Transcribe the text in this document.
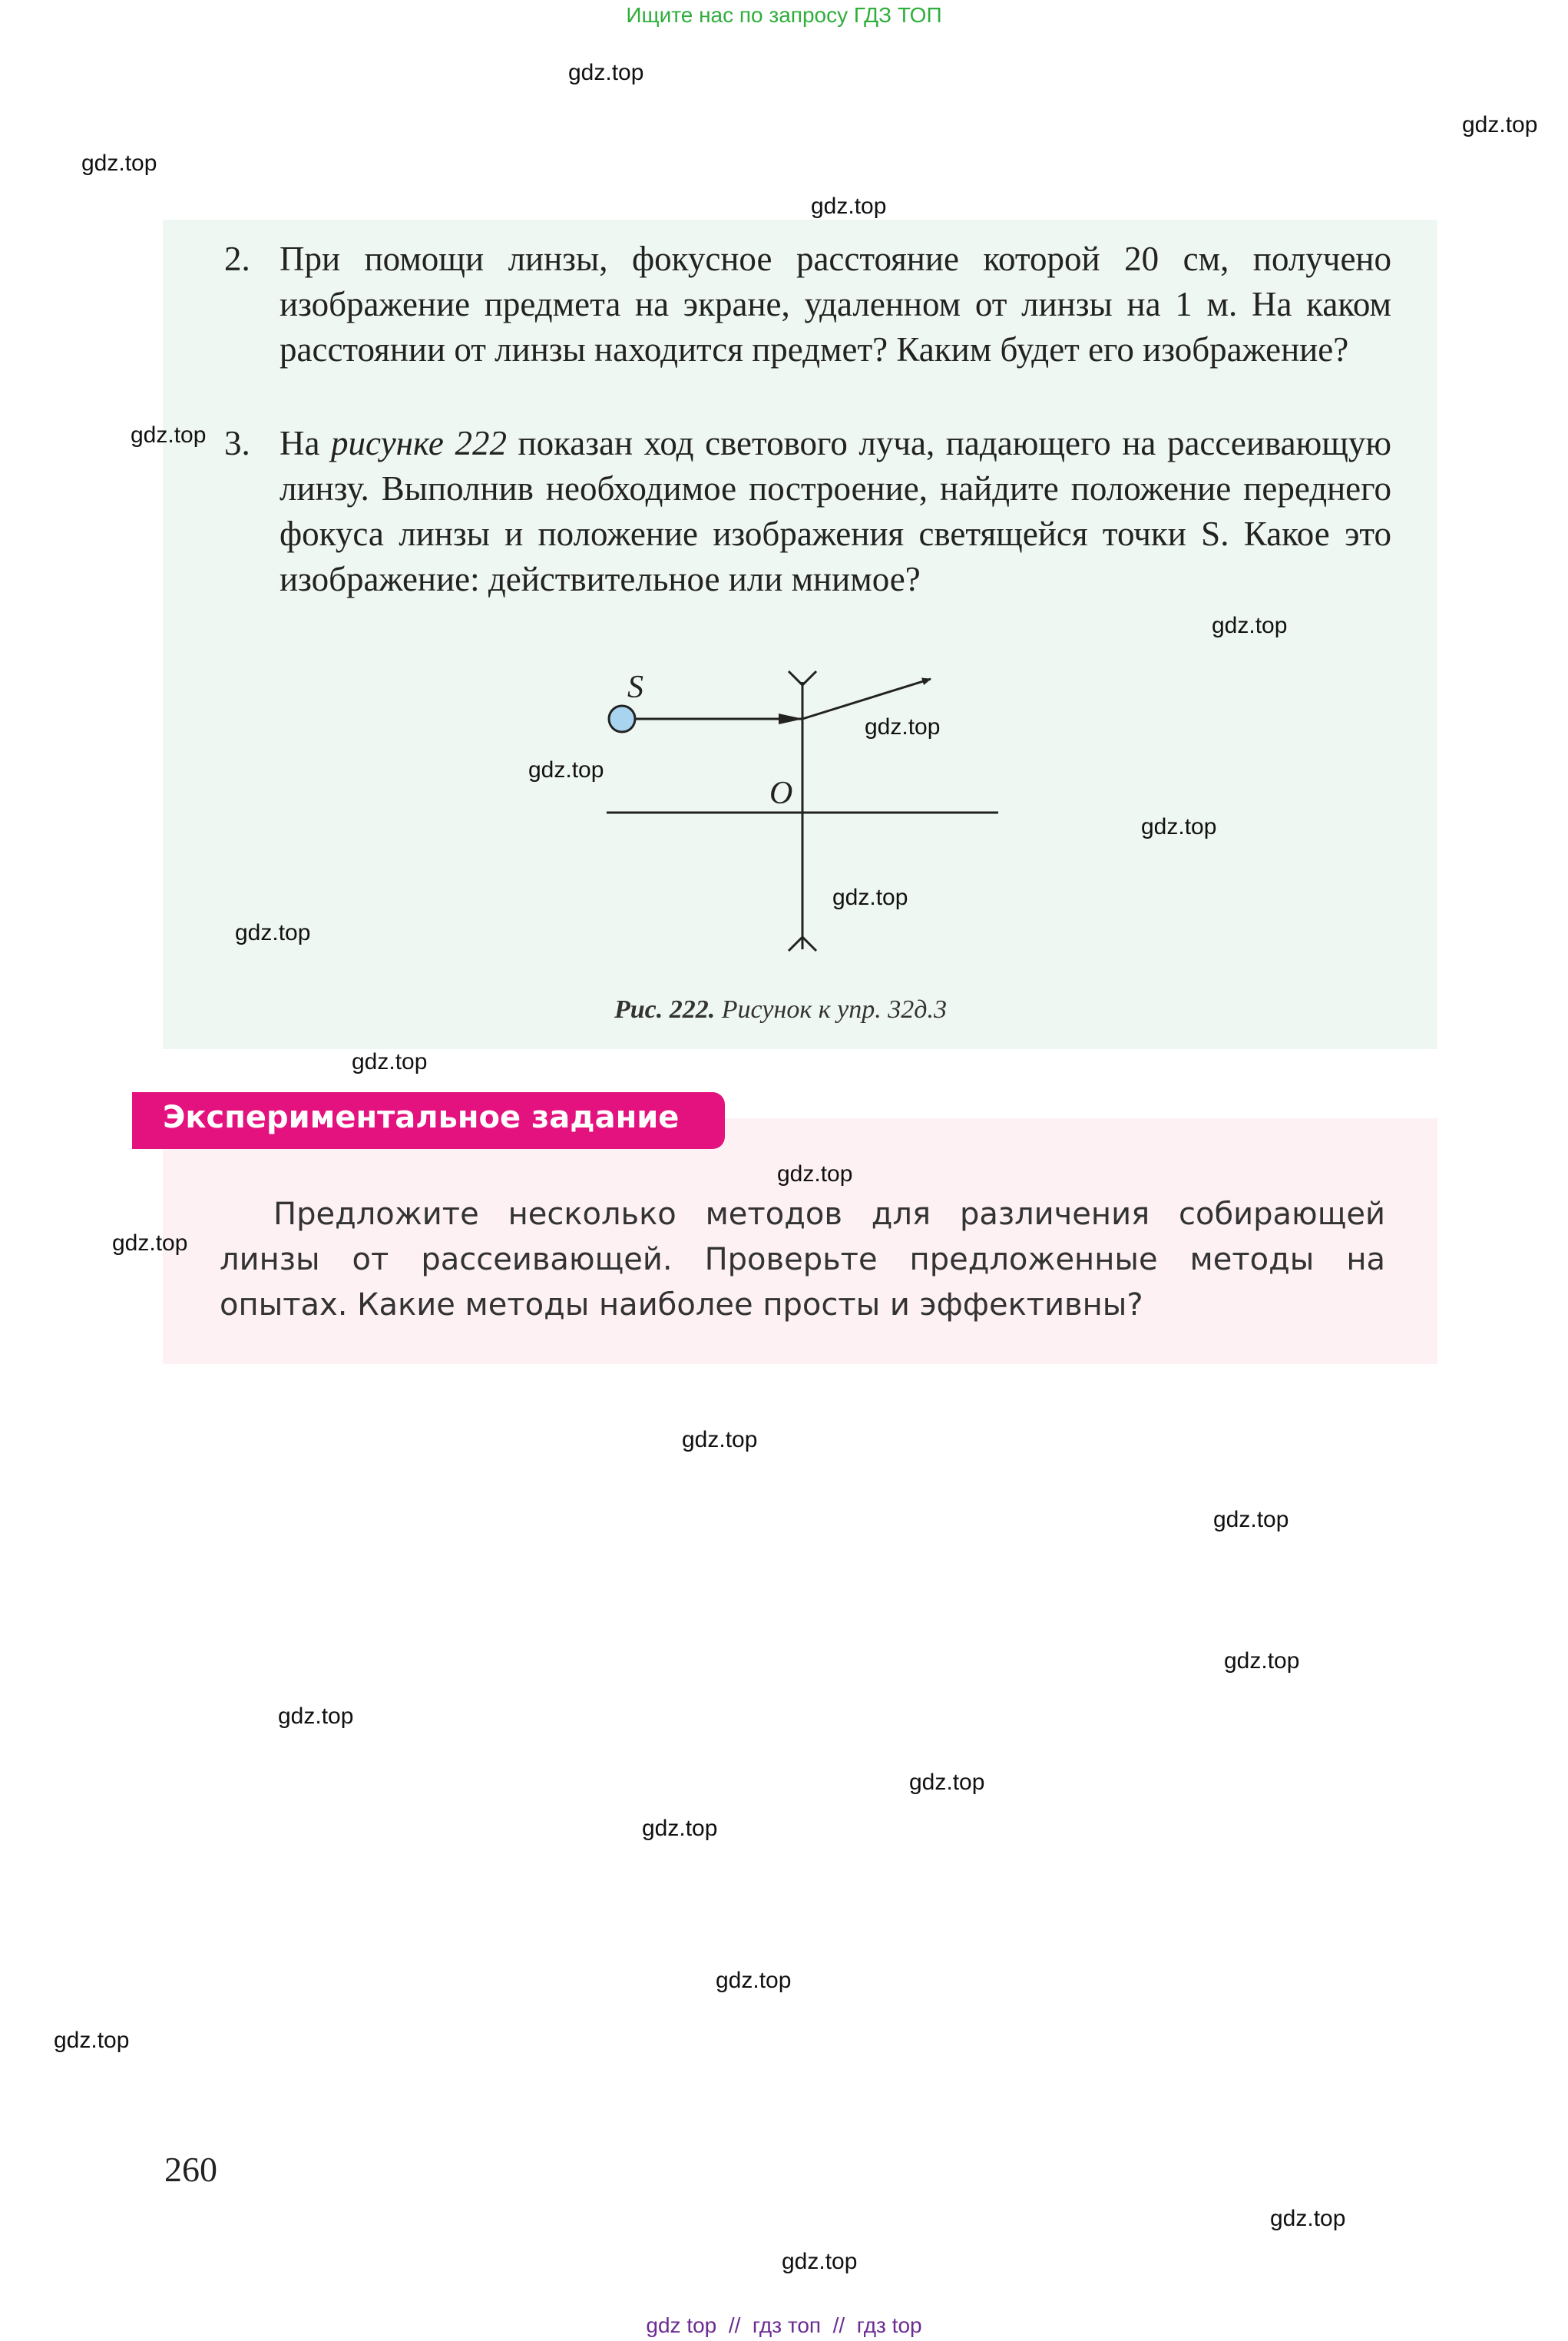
Ищите нас по запросу ГДЗ ТОП
2. При помощи линзы, фокусное расстояние которой 20 см, получено изображение предмета на экране, удаленном от линзы на 1 м. На каком расстоянии от линзы находится предмет? Каким будет его изображение?
3. На рисунке 222 показан ход светового луча, падающего на рассеивающую линзу. Выполнив необходимое построение, найдите положение переднего фокуса линзы и положение изображения светящейся точки S. Какое это изображение: действительное или мнимое?
S
O
Рис. 222. Рисунок к упр. 32д.3
Экспериментальное задание
Предложите несколько методов для различения собирающей линзы от рассеивающей. Проверьте предложенные методы на опытах. Какие методы наиболее просты и эффективны?
260
gdz.top
gdz.top
gdz.top
gdz.top
gdz.top
gdz.top
gdz.top
gdz.top
gdz.top
gdz.top
gdz.top
gdz.top
gdz.top
gdz.top
gdz.top
gdz.top
gdz.top
gdz.top
gdz.top
gdz.top
gdz.top
gdz.top
gdz.top
gdz.top
gdz top  //  гдз топ  //  гдз top
